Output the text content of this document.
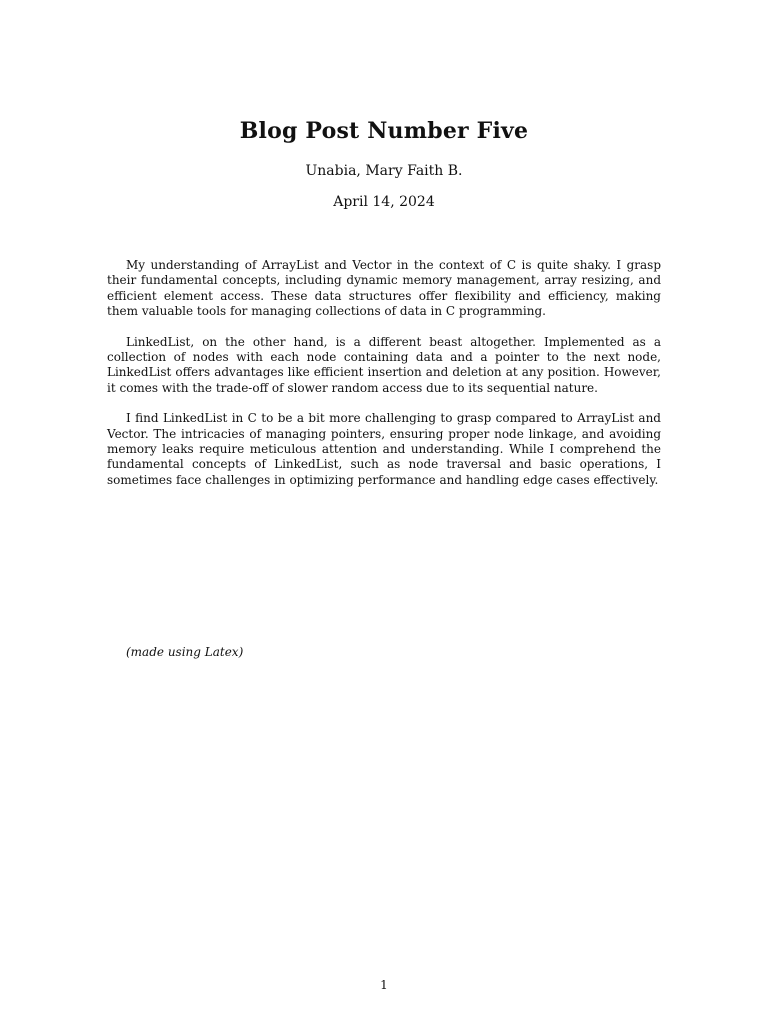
Blog Post Number Five
Unabia, Mary Faith B.
April 14, 2024

My understanding of ArrayList and Vector in the context of C is quite shaky. I grasp their fundamental concepts, including dynamic memory management, array resizing, and efficient element access. These data structures offer flexibility and efficiency, making them valuable tools for managing collections of data in C programming.

LinkedList, on the other hand, is a different beast altogether. Implemented as a collection of nodes with each node containing data and a pointer to the next node, LinkedList offers advantages like efficient insertion and deletion at any position. However, it comes with the trade-off of slower random access due to its sequential nature.

I find LinkedList in C to be a bit more challenging to grasp compared to ArrayList and Vector. The intricacies of managing pointers, ensuring proper node linkage, and avoiding memory leaks require meticulous attention and understanding. While I comprehend the fundamental concepts of LinkedList, such as node traversal and basic operations, I sometimes face challenges in optimizing performance and handling edge cases effectively.

(made using Latex)
1
